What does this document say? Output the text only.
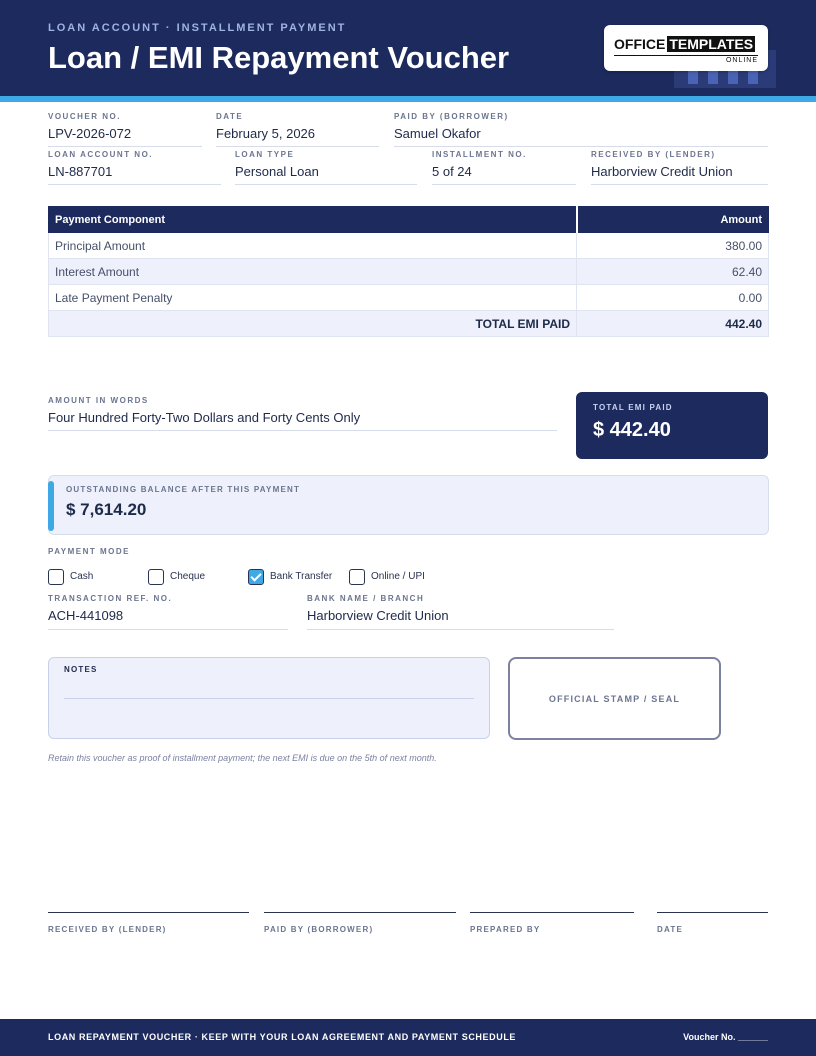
LOAN ACCOUNT · INSTALLMENT PAYMENT
Loan / EMI Repayment Voucher	OFFICE TEMPLATES
ONLINE
VOUCHER NO.
LPV-2026-072
DATE
February 5, 2026
PAID BY (BORROWER)
Samuel Okafor
LOAN ACCOUNT NO.
LN-887701
LOAN TYPE
Personal Loan
INSTALLMENT NO.
5 of 24
RECEIVED BY (LENDER)
Harborview Credit Union
Payment Component	Amount
Principal Amount	380.00
Interest Amount	62.40
Late Payment Penalty	0.00
TOTAL EMI PAID	442.40
AMOUNT IN WORDS
Four Hundred Forty-Two Dollars and Forty Cents Only
TOTAL EMI PAID
$ 442.40
OUTSTANDING BALANCE AFTER THIS PAYMENT
$ 7,614.20
PAYMENT MODE
Cash	Cheque	Bank Transfer	Online / UPI
TRANSACTION REF. NO.
ACH-441098
BANK NAME / BRANCH
Harborview Credit Union
NOTES
OFFICIAL STAMP / SEAL
Retain this voucher as proof of installment payment; the next EMI is due on the 5th of next month.
RECEIVED BY (LENDER)	PAID BY (BORROWER)	PREPARED BY	DATE
LOAN REPAYMENT VOUCHER · KEEP WITH YOUR LOAN AGREEMENT AND PAYMENT SCHEDULE	Voucher No. ______
